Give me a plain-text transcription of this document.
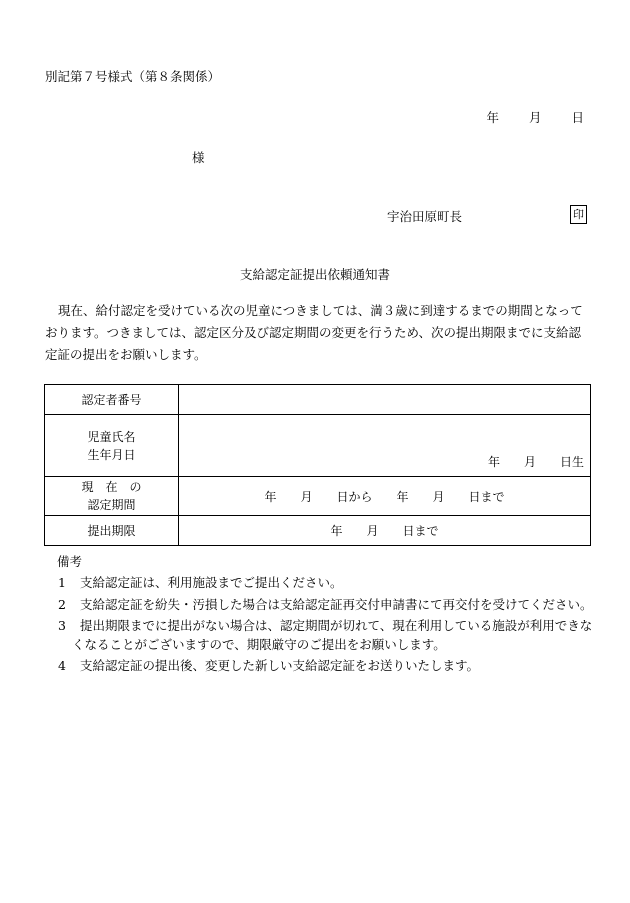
別記第７号様式（第８条関係）
年 月 日
様
宇治田原町長	印
支給認定証提出依頼通知書
現在、給付認定を受けている次の児童につきましては、満３歳に到達するまでの期間となっております。つきましては、認定区分及び認定期間の変更を行うため、次の提出期限までに支給認定証の提出をお願いします。
認定者番号	

児童氏名
生年月日	年　　月　　日生

現　在　の
認定期間	年　　月　　日から　　年　　月　　日まで
提出期限	年　　月　　日まで
備考
1 支給認定証は、利用施設までご提出ください。
2 支給認定証を紛失・汚損した場合は支給認定証再交付申請書にて再交付を受けてください。
3 提出期限までに提出がない場合は、認定期間が切れて、現在利用している施設が利用できな
くなることがございますので、期限厳守のご提出をお願いします。
4 支給認定証の提出後、変更した新しい支給認定証をお送りいたします。
